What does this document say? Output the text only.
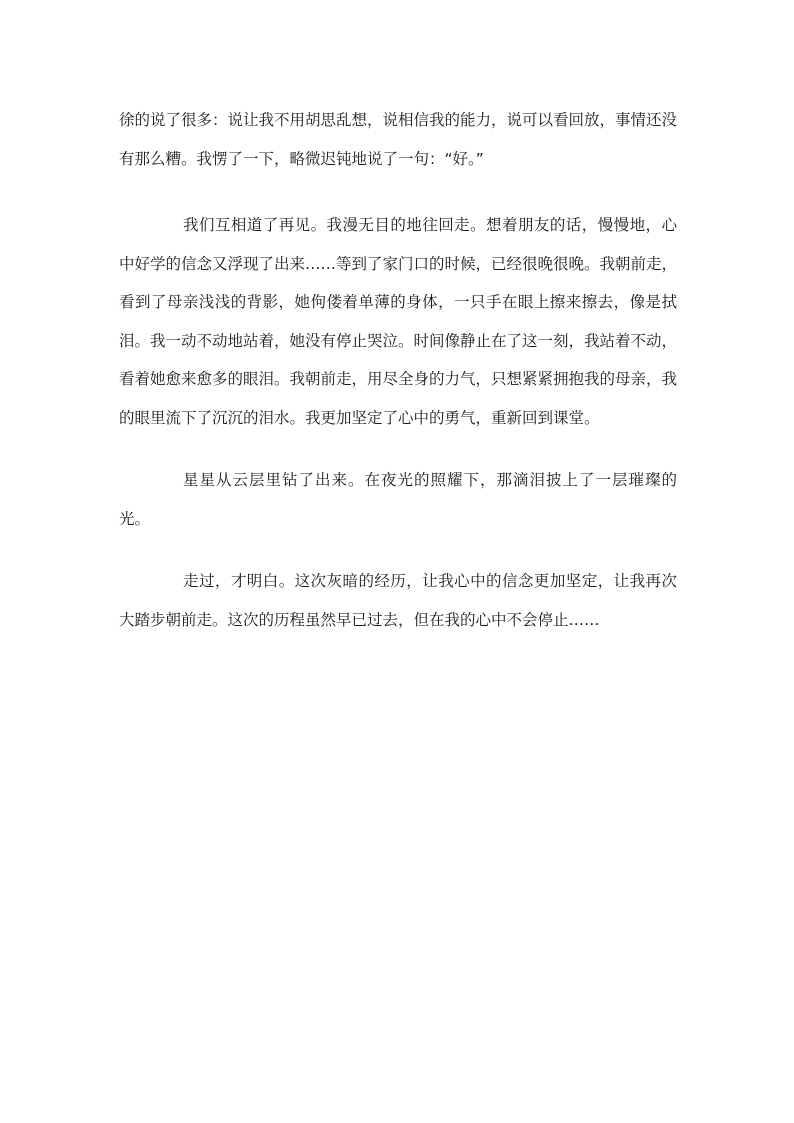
徐的说了很多：说让我不用胡思乱想，说相信我的能力，说可以看回放，事情还没有那么糟。我愣了一下，略微迟钝地说了一句：“好。”

我们互相道了再见。我漫无目的地往回走。想着朋友的话，慢慢地，心中好学的信念又浮现了出来……等到了家门口的时候，已经很晚很晚。我朝前走，看到了母亲浅浅的背影，她佝偻着单薄的身体，一只手在眼上擦来擦去，像是拭泪。我一动不动地站着，她没有停止哭泣。时间像静止在了这一刻，我站着不动，看着她愈来愈多的眼泪。我朝前走，用尽全身的力气，只想紧紧拥抱我的母亲，我的眼里流下了沉沉的泪水。我更加坚定了心中的勇气，重新回到课堂。

星星从云层里钻了出来。在夜光的照耀下，那滴泪披上了一层璀璨的光。

走过，才明白。这次灰暗的经历，让我心中的信念更加坚定，让我再次大踏步朝前走。这次的历程虽然早已过去，但在我的心中不会停止……
